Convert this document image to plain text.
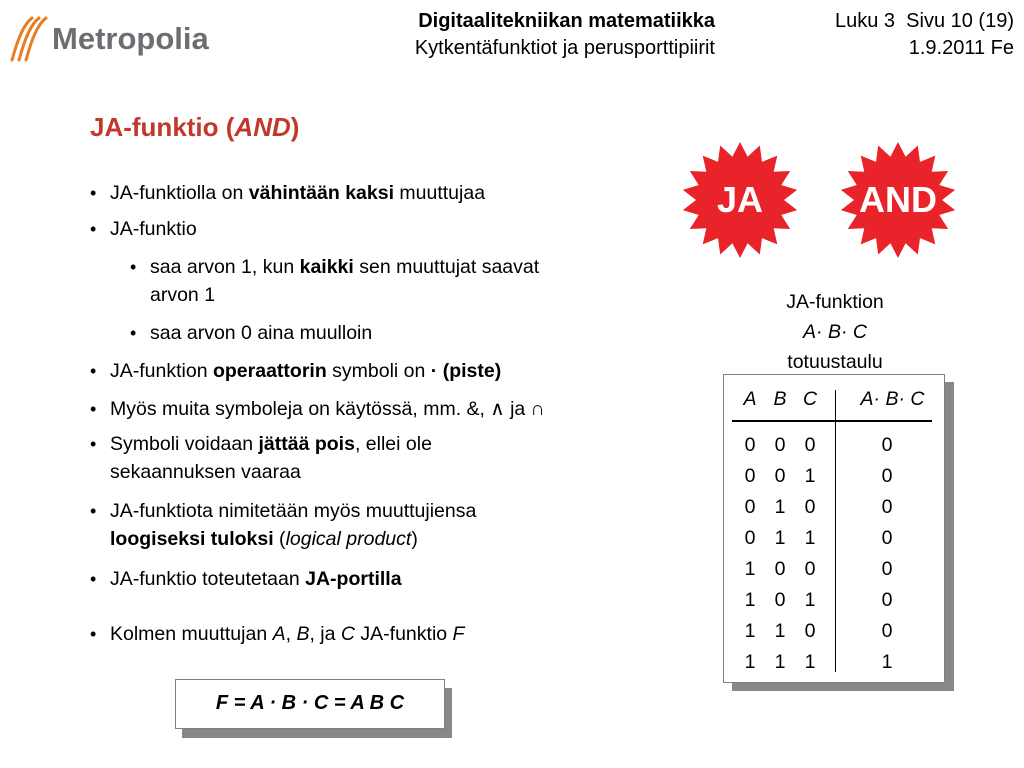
Metropolia	Digitaalitekniikan matematiikka
Kytkentäfunktiot ja perusporttipiirit
Luku 3  Sivu 10 (19)
1.9.2011 Fe
JA-funktio (AND)
• JA-funktiolla on vähintään kaksi muuttujaa
• JA-funktio
• saa arvon 1, kun kaikki sen muuttujat saavat
arvon 1
• saa arvon 0 aina muulloin
• JA-funktion operaattorin symboli on · (piste)
• Myös muita symboleja on käytössä, mm. &, ∧ ja ∩
• Symboli voidaan jättää pois, ellei ole
sekaannuksen vaaraa
• JA-funktiota nimitetään myös muuttujiensa
loogiseksi tuloksi (logical product)
• JA-funktio toteutetaan JA-portilla
• Kolmen muuttujan A, B, ja C JA-funktio F
JA	AND
JA-funktion
A· B· C
totuustaulu
A B C	A· B· C
0 0 0	0
0 0 1	0
0 1 0	0
0 1 1	0
1 0 0	0
1 0 1	0
1 1 0	0
1 1 1	1
F = A · B · C = A B C
